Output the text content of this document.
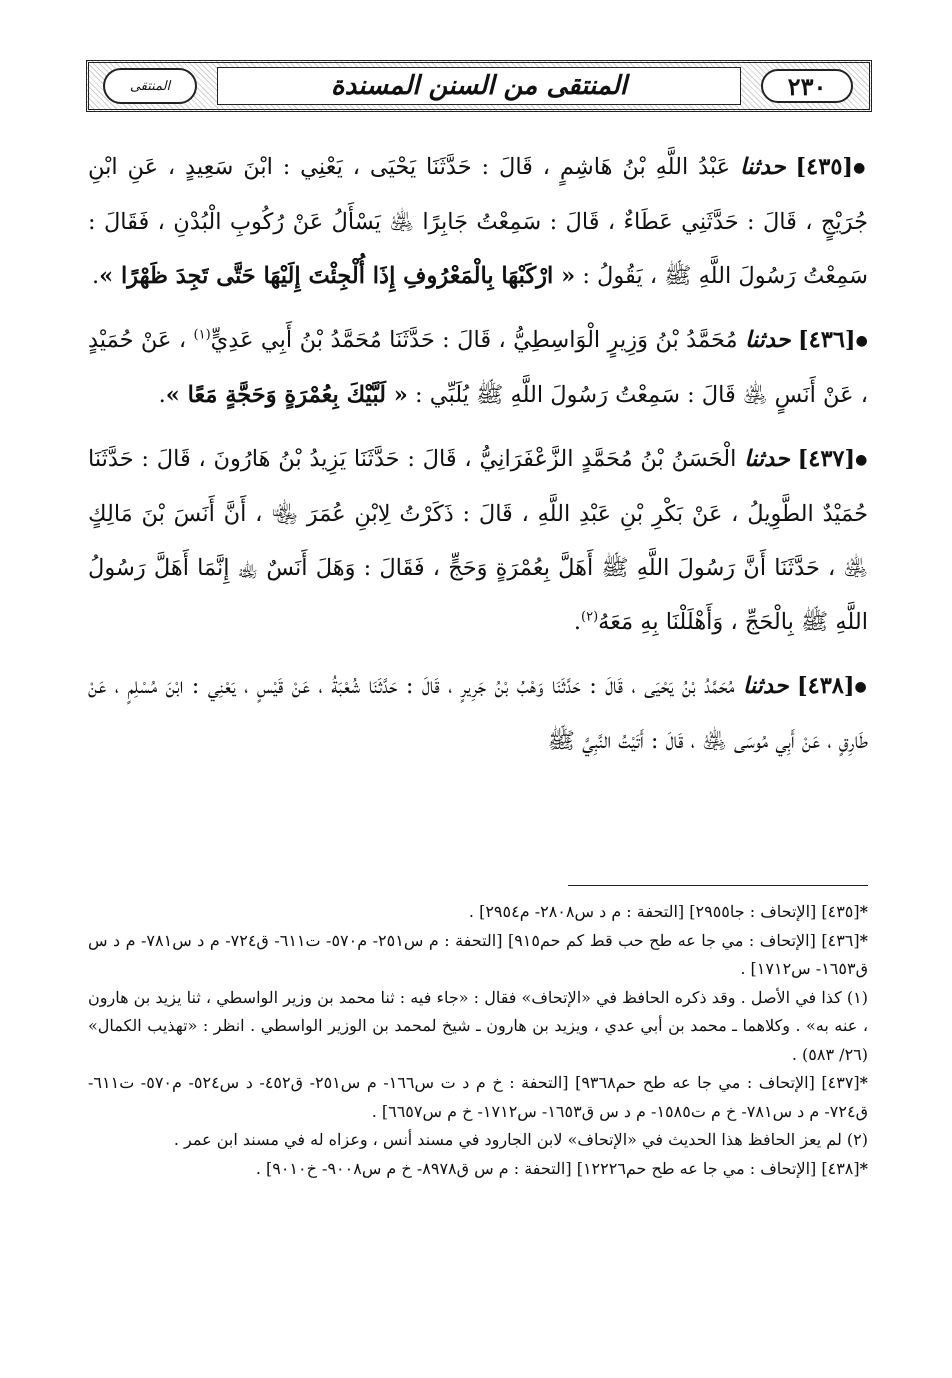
٢٣٠
المنتقى من السنن المسندة
المنتقى

●[٤٣٥] حدثنا عَبْدُ اللَّهِ بْنُ هَاشِمٍ ، قَالَ : حَدَّثَنَا يَحْيَى ، يَعْنِي : ابْنَ سَعِيدٍ ، عَنِ ابْنِ جُرَيْجٍ ، قَالَ : حَدَّثَنِي عَطَاءٌ ، قَالَ : سَمِعْتُ جَابِرًا ﵁ يَسْأَلُ عَنْ رُكُوبِ الْبُدْنِ ، فَقَالَ : سَمِعْتُ رَسُولَ اللَّهِ ﷺ ، يَقُولُ : « ارْكَبْهَا بِالْمَعْرُوفِ إِذَا أُلْجِئْتَ إِلَيْهَا حَتَّى تَجِدَ ظَهْرًا ».

●[٤٣٦] حدثنا مُحَمَّدُ بْنُ وَزِيرٍ الْوَاسِطِيُّ ، قَالَ : حَدَّثَنَا مُحَمَّدُ بْنُ أَبِي عَدِيٍّ$^{(١)}$ ، عَنْ حُمَيْدٍ ، عَنْ أَنَسٍ ﵁ قَالَ : سَمِعْتُ رَسُولَ اللَّهِ ﷺ يُلَبِّي : « لَبَّيْكَ بِعُمْرَةٍ وَحَجَّةٍ مَعًا ».

●[٤٣٧] حدثنا الْحَسَنُ بْنُ مُحَمَّدٍ الزَّعْفَرَانِيُّ ، قَالَ : حَدَّثَنَا يَزِيدُ بْنُ هَارُونَ ، قَالَ : حَدَّثَنَا حُمَيْدٌ الطَّوِيلُ ، عَنْ بَكْرِ بْنِ عَبْدِ اللَّهِ ، قَالَ : ذَكَرْتُ لِابْنِ عُمَرَ ﵄ ، أَنَّ أَنَسَ بْنَ مَالِكٍ ﵁ ، حَدَّثَنَا أَنَّ رَسُولَ اللَّهِ ﷺ أَهَلَّ بِعُمْرَةٍ وَحَجٍّ ، فَقَالَ : وَهَلَ أَنَسٌ ﵀ إِنَّمَا أَهَلَّ رَسُولُ اللَّهِ ﷺ بِالْحَجِّ ، وَأَهْلَلْنَا بِهِ مَعَهُ$^{(٢)}$.

●[٤٣٨] حدثنا مُحَمَّدُ بْنُ يَحْيَى ، قَالَ : حَدَّثَنَا وَهْبُ بْنُ جَرِيرٍ ، قَالَ : حَدَّثَنَا شُعْبَةُ ، عَنْ قَيْسٍ ، يَعْنِي : ابْنَ مُسْلِمٍ ، عَنْ طَارِقٍ ، عَنْ أَبِي مُوسَى ﵁ ، قَالَ : أَتَيْتُ النَّبِيَّ ﷺ

*[٤٣٥] [الإتحاف : جا٢٩٥٥] [التحفة : م د س٢٨٠٨- م٢٩٥٤] .

*[٤٣٦] [الإتحاف : مي جا عه طح حب قط كم حم٩١٥] [التحفة : م س٢٥١- م٥٧٠- ت٦١١- ق٧٢٤- م د س٧٨١- م د س ق١٦٥٣- س١٧١٢] .

(١) كذا في الأصل . وقد ذكره الحافظ في «الإتحاف» فقال : «جاء فيه : ثنا محمد بن وزير الواسطي ، ثنا يزيد بن هارون ، عنه به» . وكلاهما ـ محمد بن أبي عدي ، ويزيد بن هارون ـ شيخ لمحمد بن الوزير الواسطي . انظر : «تهذيب الكمال» (٢٦/ ٥٨٣) .

*[٤٣٧] [الإتحاف : مي جا عه طح حم٩٣٦٨] [التحفة : خ م د ت س١٦٦- م س٢٥١- ق٤٥٢- د س٥٢٤- م٥٧٠- ت٦١١- ق٧٢٤- م د س٧٨١- خ م ت١٥٨٥- م د س ق١٦٥٣- س١٧١٢- خ م س٦٦٥٧] .

(٢) لم يعز الحافظ هذا الحديث في «الإتحاف» لابن الجارود في مسند أنس ، وعزاه له في مسند ابن عمر .

*[٤٣٨] [الإتحاف : مي جا عه طح حم١٢٢٢٦] [التحفة : م س ق٨٩٧٨- خ م س٩٠٠٨- خ٩٠١٠] .
